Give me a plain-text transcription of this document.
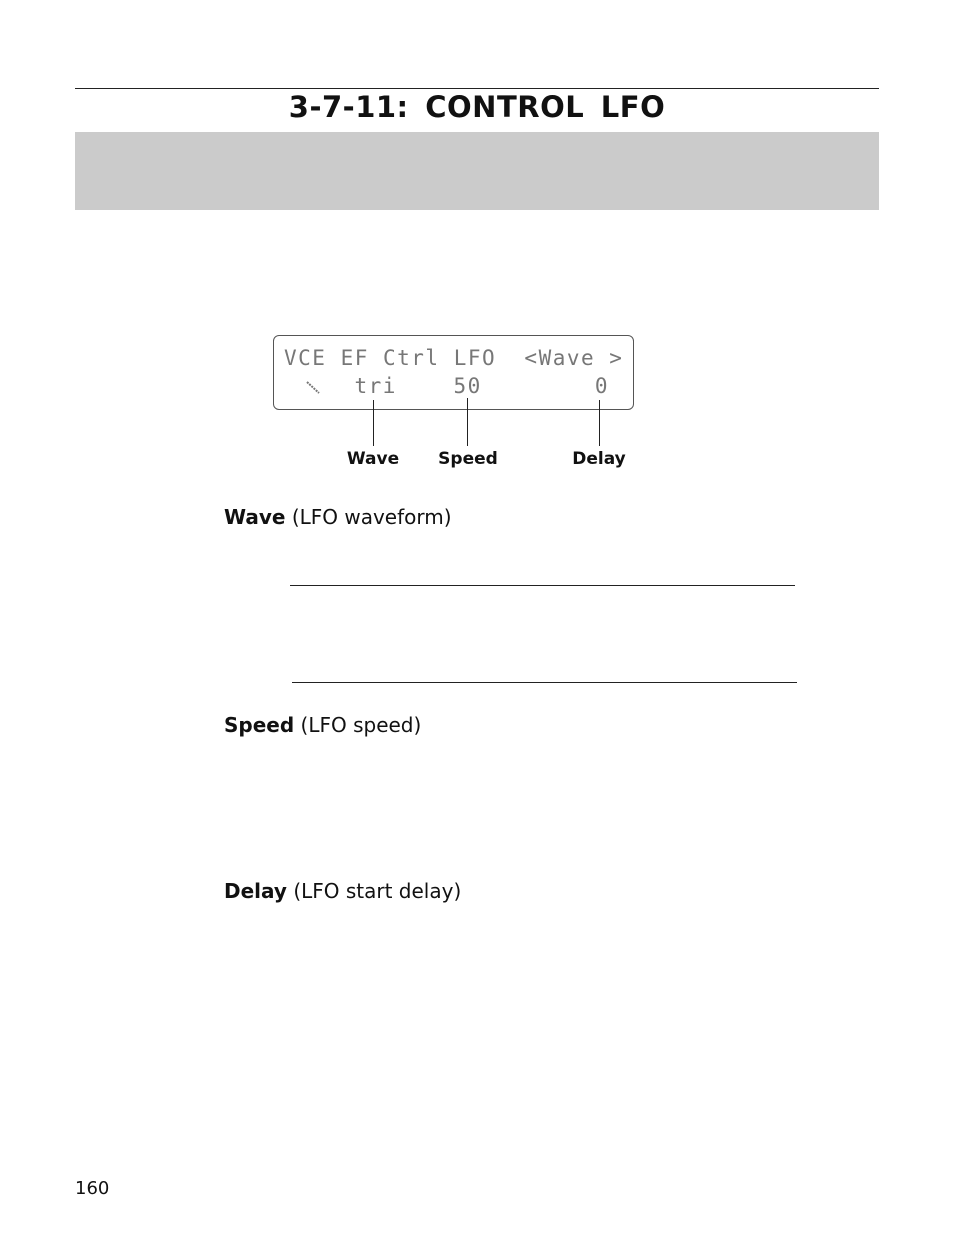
3-7-11: CONTROL LFO
VCE EF Ctrl LFO  <Wave >
tri	50	0
Wave	Speed	Delay
Wave (LFO waveform)
Speed (LFO speed)
Delay (LFO start delay)
160
